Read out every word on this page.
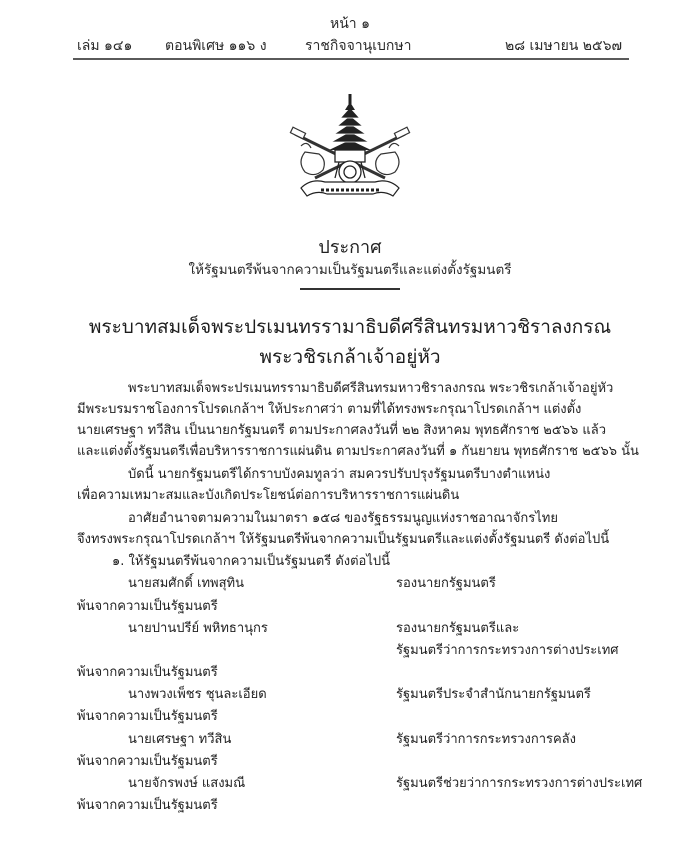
หน้า ๑
เล่ม ๑๔๑ ตอนพิเศษ ๑๑๖ ง	ราชกิจจานุเบกษา	๒๘ เมษายน ๒๕๖๗
ประกาศ
ให้รัฐมนตรีพ้นจากความเป็นรัฐมนตรีและแต่งตั้งรัฐมนตรี
พระบาทสมเด็จพระปรเมนทรรามาธิบดีศรีสินทรมหาวชิราลงกรณ
พระวชิรเกล้าเจ้าอยู่หัว
พระบาทสมเด็จพระปรเมนทรรามาธิบดีศรีสินทรมหาวชิราลงกรณ พระวชิรเกล้าเจ้าอยู่หัว
มีพระบรมราชโองการโปรดเกล้าฯ ให้ประกาศว่า ตามที่ได้ทรงพระกรุณาโปรดเกล้าฯ แต่งตั้ง
นายเศรษฐา ทวีสิน เป็นนายกรัฐมนตรี ตามประกาศลงวันที่ ๒๒ สิงหาคม พุทธศักราช ๒๕๖๖ แล้ว
และแต่งตั้งรัฐมนตรีเพื่อบริหารราชการแผ่นดิน ตามประกาศลงวันที่ ๑ กันยายน พุทธศักราช ๒๕๖๖ นั้น
บัดนี้ นายกรัฐมนตรีได้กราบบังคมทูลว่า สมควรปรับปรุงรัฐมนตรีบางตำแหน่ง
เพื่อความเหมาะสมและบังเกิดประโยชน์ต่อการบริหารราชการแผ่นดิน
อาศัยอำนาจตามความในมาตรา ๑๕๘ ของรัฐธรรมนูญแห่งราชอาณาจักรไทย
จึงทรงพระกรุณาโปรดเกล้าฯ ให้รัฐมนตรีพ้นจากความเป็นรัฐมนตรีและแต่งตั้งรัฐมนตรี ดังต่อไปนี้
๑. ให้รัฐมนตรีพ้นจากความเป็นรัฐมนตรี ดังต่อไปนี้
นายสมศักดิ์ เทพสุทิน	รองนายกรัฐมนตรี
พ้นจากความเป็นรัฐมนตรี
นายปานปรีย์ พหิทธานุกร	รองนายกรัฐมนตรีและ
รัฐมนตรีว่าการกระทรวงการต่างประเทศ
พ้นจากความเป็นรัฐมนตรี
นางพวงเพ็ชร ชุนละเอียด	รัฐมนตรีประจำสำนักนายกรัฐมนตรี
พ้นจากความเป็นรัฐมนตรี
นายเศรษฐา ทวีสิน	รัฐมนตรีว่าการกระทรวงการคลัง
พ้นจากความเป็นรัฐมนตรี
นายจักรพงษ์ แสงมณี	รัฐมนตรีช่วยว่าการกระทรวงการต่างประเทศ
พ้นจากความเป็นรัฐมนตรี
